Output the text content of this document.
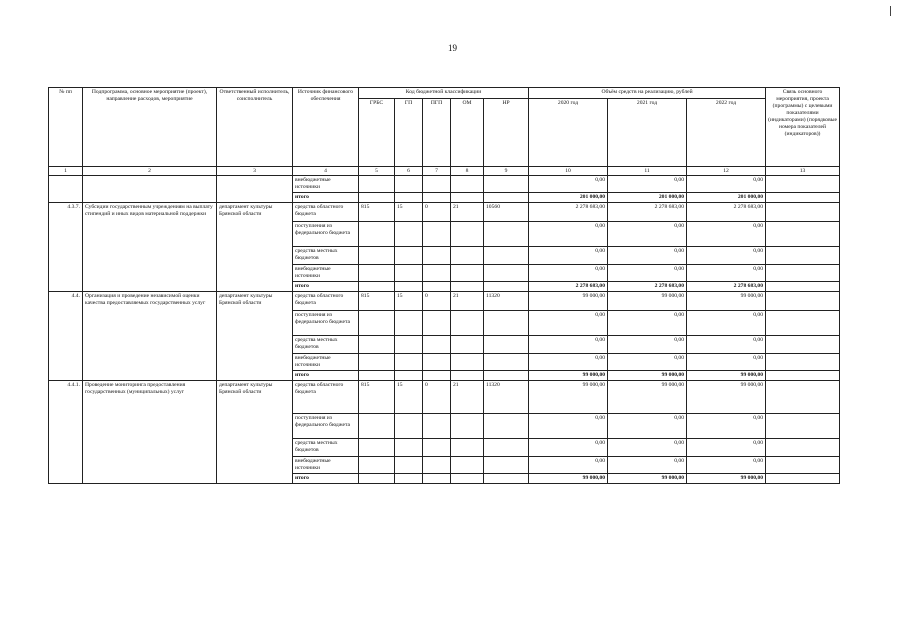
19
№ пп	Подпрограмма, основное мероприятие (проект), направление расходов, мероприятие	Ответственный исполнитель, соисполнитель	Источник финансового обеспечения	Код бюджетной классификации					Объём средств на реализацию, рублей			Связь основного мероприятия, проекта (программы) с целевыми показателями (индикаторами) (порядковые номера показателей (индикаторов))
				ГРБС	ГП	ПГП	ОМ	НР	2020 год	2021 год	2022 год	
1	2	3	4	5	6	7	8	9	10	11	12	13
			внебюджетные источники						0,00	0,00	0,00	
			итого						201 000,00	201 000,00	201 000,00	
4.3.7.	Субсидии государственным учреждениям на выплату стипендий и иных видов материальной поддержки	департамент культуры Брянской области	средства областного бюджета	815	15	0	21	10560	2 278 683,00	2 278 683,00	2 278 683,00	
			поступления из федерального бюджета						0,00	0,00	0,00	
			средства местных бюджетов						0,00	0,00	0,00	
			внебюджетные источники						0,00	0,00	0,00	
			итого						2 278 683,00	2 278 683,00	2 278 683,00	
4.4.	Организация и проведение независимой оценки качества предоставляемых государственных услуг	департамент культуры Брянской области	средства областного бюджета	815	15	0	21	11320	99 000,00	99 000,00	99 000,00	
			поступления из федерального бюджета						0,00	0,00	0,00	
			средства местных бюджетов						0,00	0,00	0,00	
			внебюджетные источники						0,00	0,00	0,00	
			итого						99 000,00	99 000,00	99 000,00	
4.4.1.	Проведение мониторинга предоставления государственных (муниципальных) услуг	департамент культуры Брянской области	средства областного бюджета	815	15	0	21	11320	99 000,00	99 000,00	99 000,00	
			поступления из федерального бюджета						0,00	0,00	0,00	
			средства местных бюджетов						0,00	0,00	0,00	
			внебюджетные источники						0,00	0,00	0,00	
			итого						99 000,00	99 000,00	99 000,00	
